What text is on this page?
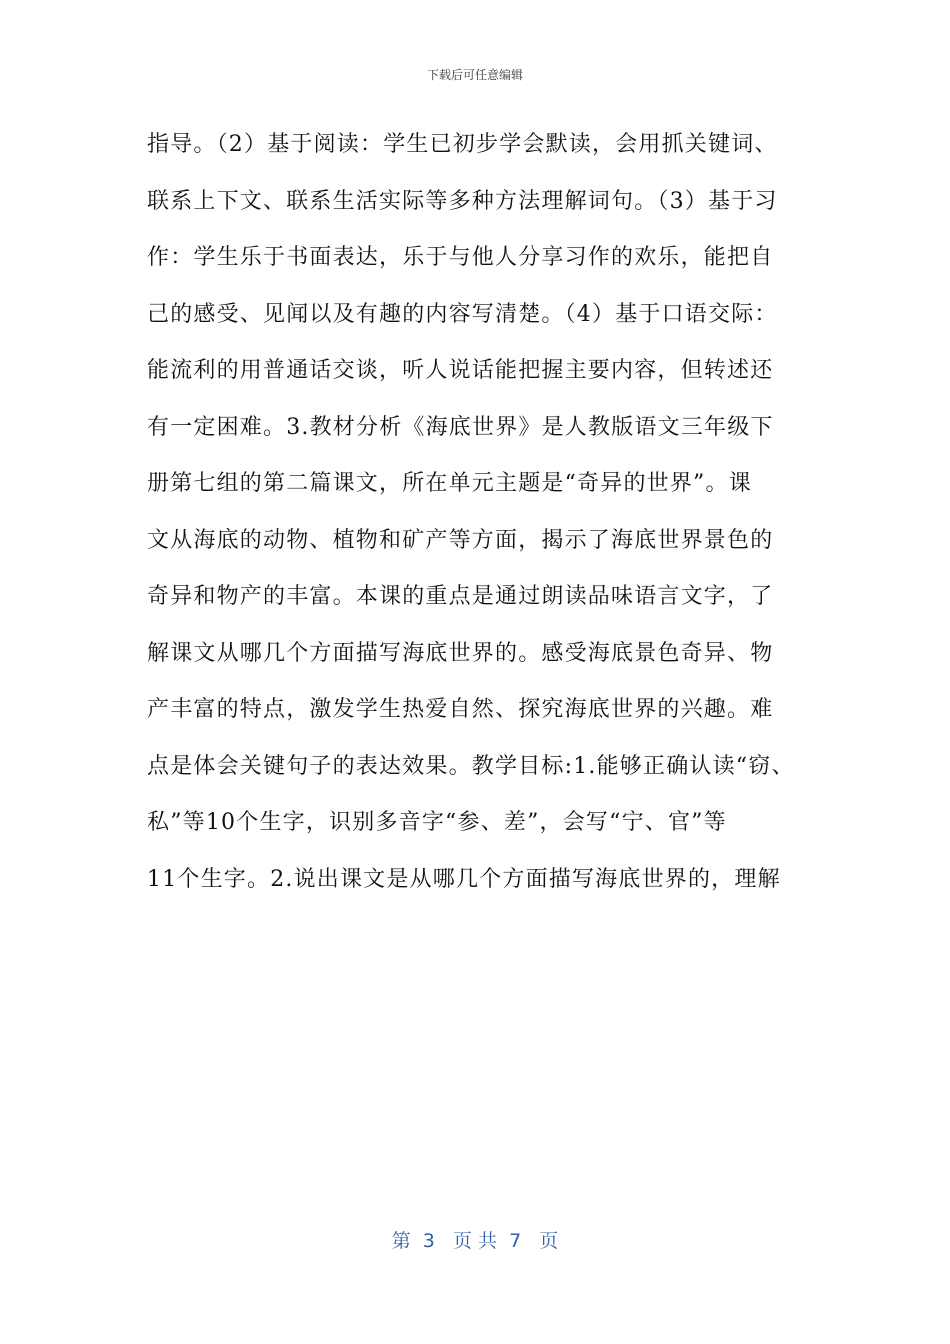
下载后可任意编辑
指导。（2）基于阅读：学生已初步学会默读，会用抓关键词、
联系上下文、联系生活实际等多种方法理解词句。（3）基于习
作：学生乐于书面表达，乐于与他人分享习作的欢乐，能把自
己的感受、见闻以及有趣的内容写清楚。（4）基于口语交际：
能流利的用普通话交谈，听人说话能把握主要内容，但转述还
有一定困难。3.教材分析《海底世界》是人教版语文三年级下
册第七组的第二篇课文，所在单元主题是“奇异的世界”。课
文从海底的动物、植物和矿产等方面，揭示了海底世界景色的
奇异和物产的丰富。本课的重点是通过朗读品味语言文字，了
解课文从哪几个方面描写海底世界的。感受海底景色奇异、物
产丰富的特点，激发学生热爱自然、探究海底世界的兴趣。难
点是体会关键句子的表达效果。教学目标:1.能够正确认读“窃、
私”等10个生字，识别多音字“参、差”，会写“宁、官”等
11个生字。2.说出课文是从哪几个方面描写海底世界的，理解
第  3   页 共  7   页
